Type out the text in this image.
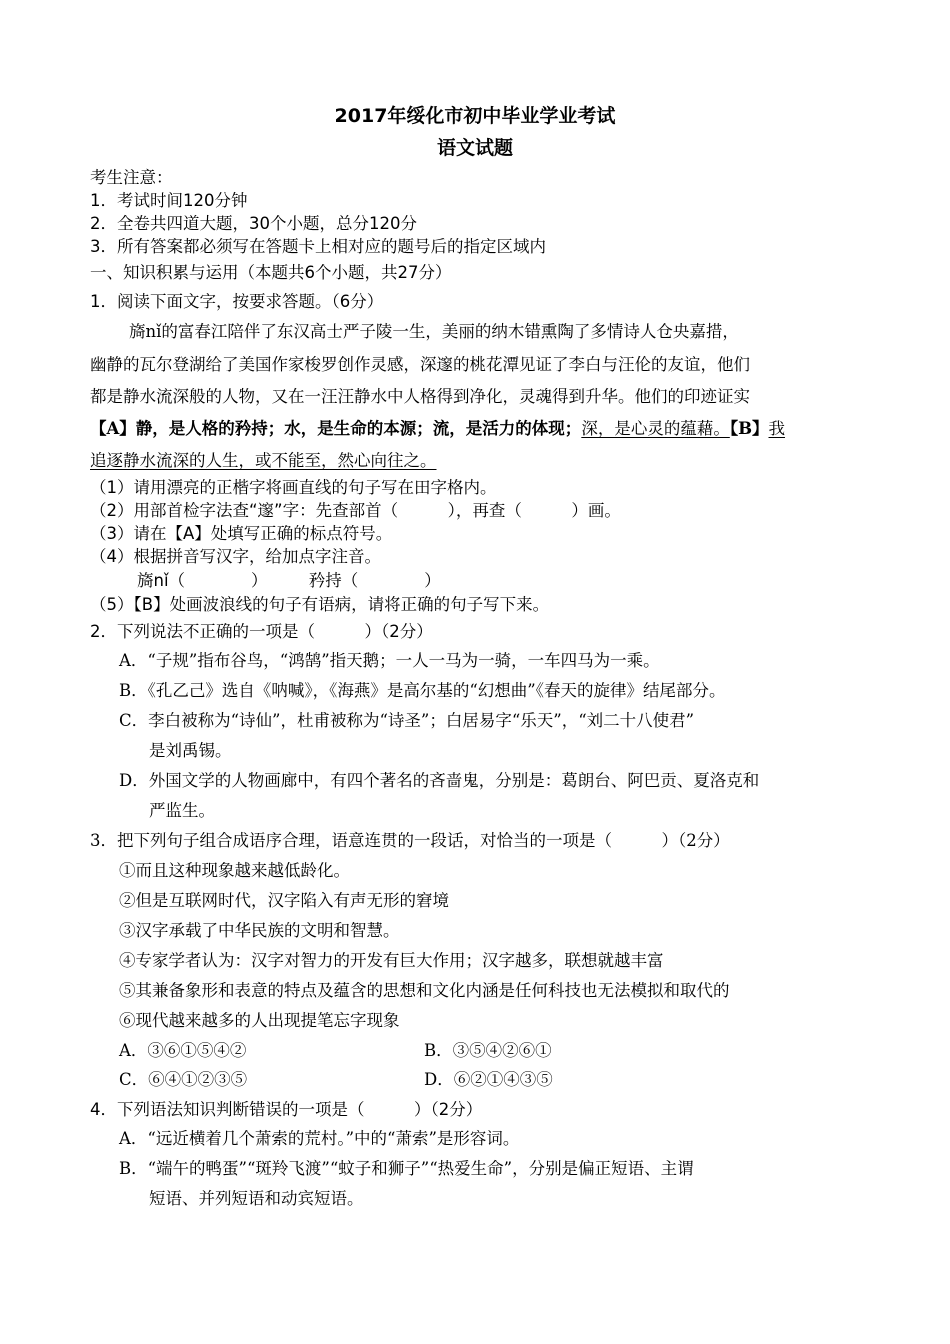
2017年绥化市初中毕业学业考试
语文试题
考生注意：
1．考试时间120分钟
2．全卷共四道大题，30个小题，总分120分
3．所有答案都必须写在答题卡上相对应的题号后的指定区域内
一、知识积累与运用（本题共6个小题，共27分）
1．阅读下面文字，按要求答题。（6分）
旖nǐ的富春江陪伴了东汉高士严子陵一生，美丽的纳木错熏陶了多情诗人仓央嘉措，
幽静的瓦尔登湖给了美国作家梭罗创作灵感，深邃的桃花潭见证了李白与汪伦的友谊，他们
都是静水流深般的人物，又在一汪汪静水中人格得到净化，灵魂得到升华。他们的印迹证实
【A】静，是人格的矜持；水，是生命的本源；流，是活力的体现；深，是心灵的蕴藉。【B】我
追逐静水流深的人生，或不能至，然心向往之。
（1）请用漂亮的正楷字将画直线的句子写在田字格内。
（2）用部首检字法查“邃”字：先查部首（　　　），再查（　　　）画。
（3）请在【A】处填写正确的标点符号。
（4）根据拼音写汉字，给加点字注音。
旖nǐ（　　　　）　　　矜持（　　　　）
（5）【B】处画波浪线的句子有语病，请将正确的句子写下来。
2．下列说法不正确的一项是（　　　）（2分）
A．“子规”指布谷鸟，“鸿鹄”指天鹅；一人一马为一骑，一车四马为一乘。
B．《孔乙己》选自《呐喊》，《海燕》是高尔基的“幻想曲”《春天的旋律》结尾部分。
C．李白被称为“诗仙”，杜甫被称为“诗圣”；白居易字“乐天”，“刘二十八使君”
是刘禹锡。
D．外国文学的人物画廊中，有四个著名的吝啬鬼，分别是：葛朗台、阿巴贡、夏洛克和
严监生。
3．把下列句子组合成语序合理，语意连贯的一段话，对恰当的一项是（　　　）（2分）
①而且这种现象越来越低龄化。
②但是互联网时代，汉字陷入有声无形的窘境
③汉字承载了中华民族的文明和智慧。
④专家学者认为：汉字对智力的开发有巨大作用；汉字越多，联想就越丰富
⑤其兼备象形和表意的特点及蕴含的思想和文化内涵是任何科技也无法模拟和取代的
⑥现代越来越多的人出现提笔忘字现象
A．③⑥①⑤④②	B．③⑤④②⑥①
C．⑥④①②③⑤	D．⑥②①④③⑤
4．下列语法知识判断错误的一项是（　　　）（2分）
A．“远近横着几个萧索的荒村。”中的“萧索”是形容词。
B．“端午的鸭蛋”“斑羚飞渡”“蚊子和狮子”“热爱生命”，分别是偏正短语、主谓
短语、并列短语和动宾短语。
